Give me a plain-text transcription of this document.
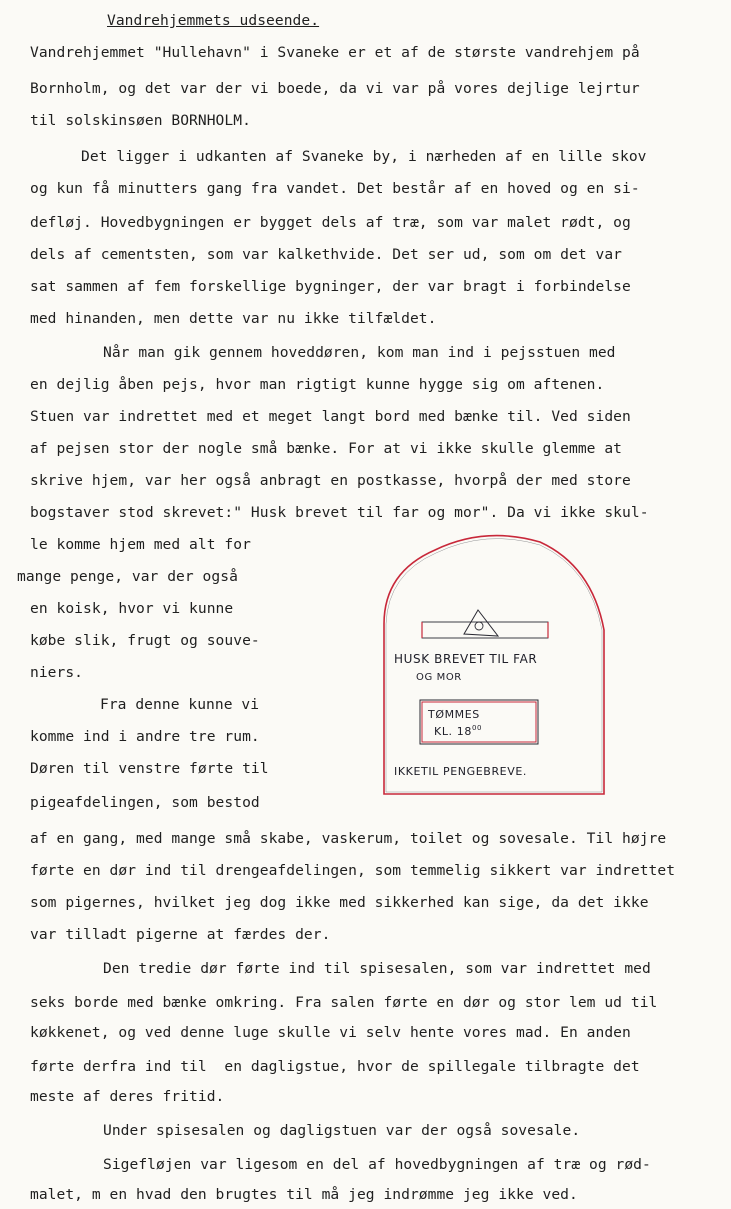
Vandrehjemmets udseende.
Vandrehjemmet "Hullehavn" i Svaneke er et af de største vandrehjem på
Bornholm, og det var der vi boede, da vi var på vores dejlige lejrtur
til solskinsøen BORNHOLM.
Det ligger i udkanten af Svaneke by, i nærheden af en lille skov
og kun få minutters gang fra vandet. Det består af en hoved og en si-
defløj. Hovedbygningen er bygget dels af træ, som var malet rødt, og
dels af cementsten, som var kalkethvide. Det ser ud, som om det var
sat sammen af fem forskellige bygninger, der var bragt i forbindelse
med hinanden, men dette var nu ikke tilfældet.
Når man gik gennem hoveddøren, kom man ind i pejsstuen med
en dejlig åben pejs, hvor man rigtigt kunne hygge sig om aftenen.
Stuen var indrettet med et meget langt bord med bænke til. Ved siden
af pejsen stor der nogle små bænke. For at vi ikke skulle glemme at
skrive hjem, var her også anbragt en postkasse, hvorpå der med store
bogstaver stod skrevet:" Husk brevet til far og mor". Da vi ikke skul-
le komme hjem med alt for
mange penge, var der også
en koisk, hvor vi kunne
købe slik, frugt og souve-
niers.
Fra denne kunne vi
komme ind i andre tre rum.
Døren til venstre førte til
pigeafdelingen, som bestod
af en gang, med mange små skabe, vaskerum, toilet og sovesale. Til højre
førte en dør ind til drengeafdelingen, som temmelig sikkert var indrettet
som pigernes, hvilket jeg dog ikke med sikkerhed kan sige, da det ikke
var tilladt pigerne at færdes der.
Den tredie dør førte ind til spisesalen, som var indrettet med
seks borde med bænke omkring. Fra salen førte en dør og stor lem ud til
køkkenet, og ved denne luge skulle vi selv hente vores mad. En anden
førte derfra ind til  en dagligstue, hvor de spillegale tilbragte det
meste af deres fritid.
Under spisesalen og dagligstuen var der også sovesale.
Sigefløjen var ligesom en del af hovedbygningen af træ og rød-
malet, m en hvad den brugtes til må jeg indrømme jeg ikke ved.
HUSK BREVET TIL FAR
OG MOR
TØMMES
KL. $18^{00}$
IKKETIL PENGEBREVE.
